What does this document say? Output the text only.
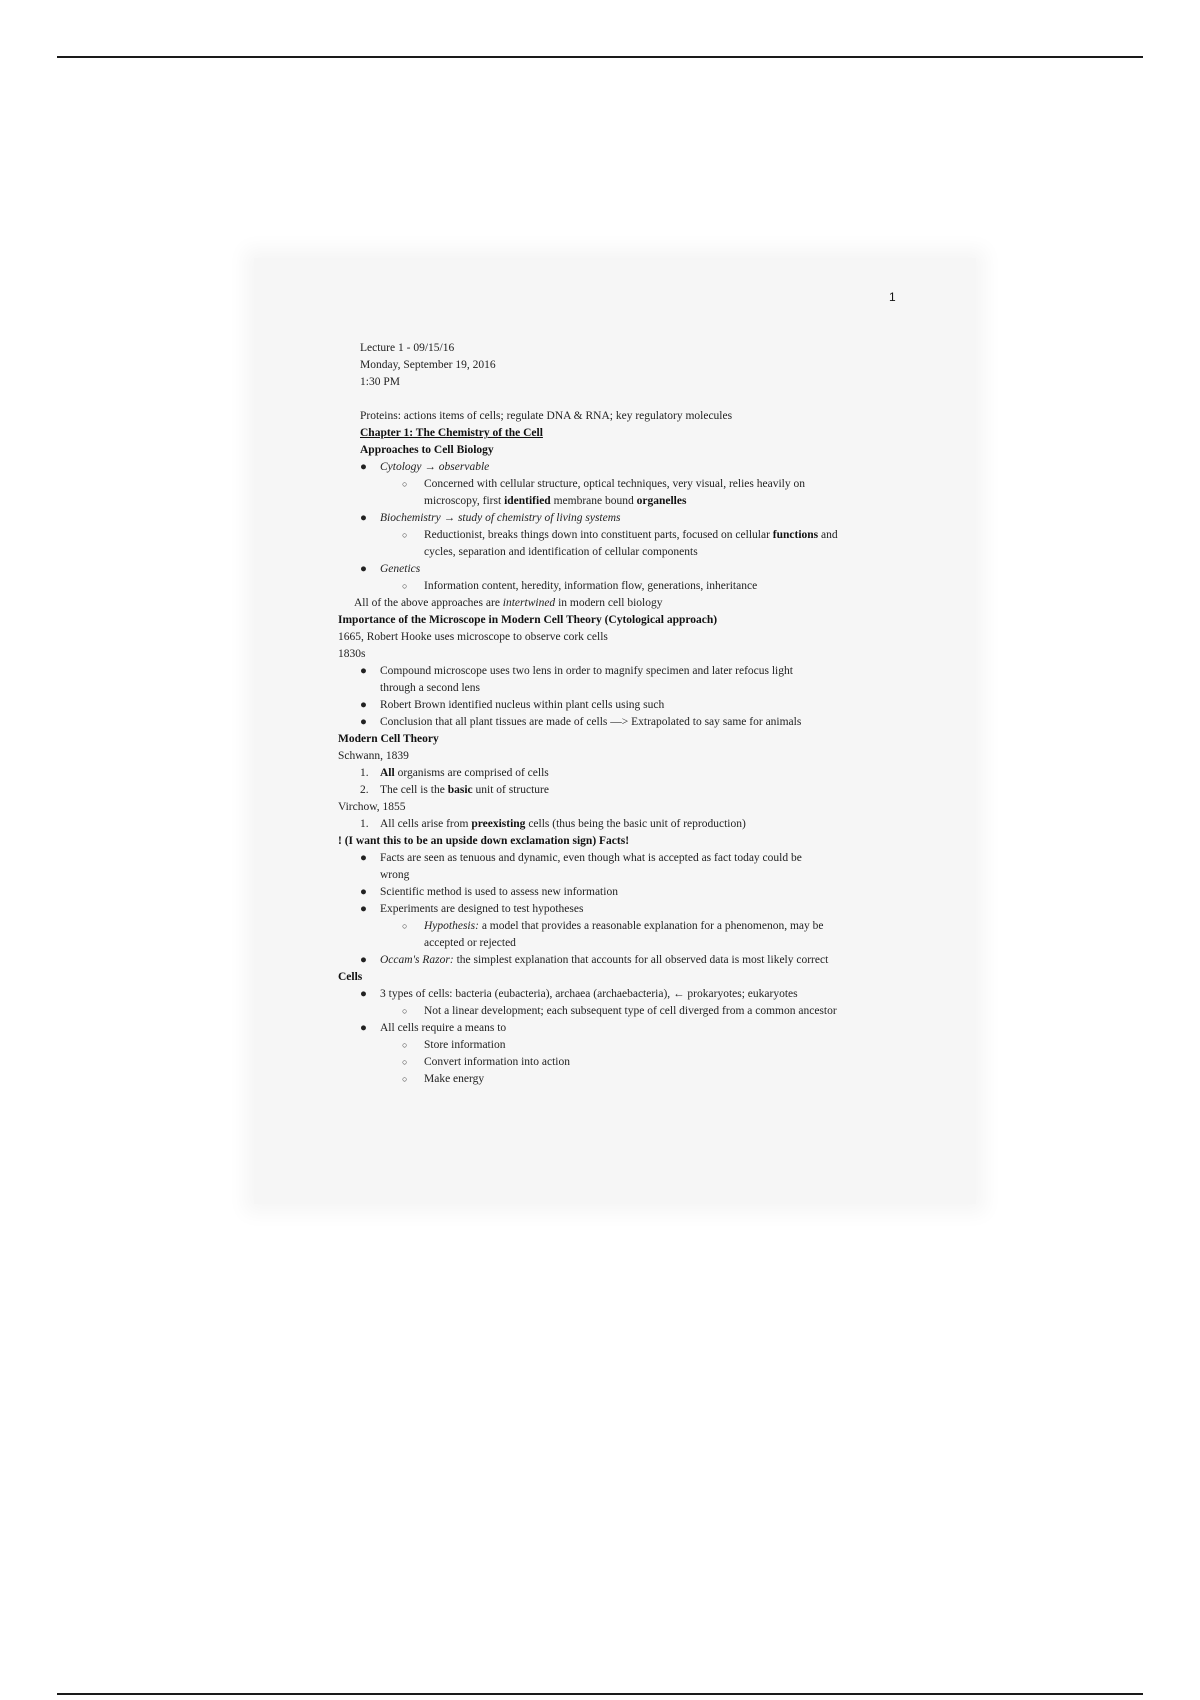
1
Lecture 1 - 09/15/16
Monday, September 19, 2016
1:30 PM
Proteins: actions items of cells; regulate DNA & RNA; key regulatory molecules
Chapter 1: The Chemistry of the Cell
Approaches to Cell Biology
● Cytology → observable
○ Concerned with cellular structure, optical techniques, very visual, relies heavily on
microscopy, first identified membrane bound organelles
● Biochemistry → study of chemistry of living systems
○ Reductionist, breaks things down into constituent parts, focused on cellular functions and
cycles, separation and identification of cellular components
● Genetics
○ Information content, heredity, information flow, generations, inheritance
All of the above approaches are intertwined in modern cell biology
Importance of the Microscope in Modern Cell Theory (Cytological approach)
1665, Robert Hooke uses microscope to observe cork cells
1830s
● Compound microscope uses two lens in order to magnify specimen and later refocus light
through a second lens
● Robert Brown identified nucleus within plant cells using such
● Conclusion that all plant tissues are made of cells —> Extrapolated to say same for animals
Modern Cell Theory
Schwann, 1839
1. All organisms are comprised of cells
2. The cell is the basic unit of structure
Virchow, 1855
1. All cells arise from preexisting cells (thus being the basic unit of reproduction)
! (I want this to be an upside down exclamation sign) Facts!
● Facts are seen as tenuous and dynamic, even though what is accepted as fact today could be
wrong
● Scientific method is used to assess new information
● Experiments are designed to test hypotheses
○ Hypothesis: a model that provides a reasonable explanation for a phenomenon, may be
accepted or rejected
● Occam's Razor: the simplest explanation that accounts for all observed data is most likely correct
Cells
● 3 types of cells: bacteria (eubacteria), archaea (archaebacteria), ← prokaryotes; eukaryotes
○ Not a linear development; each subsequent type of cell diverged from a common ancestor
● All cells require a means to
○ Store information
○ Convert information into action
○ Make energy
